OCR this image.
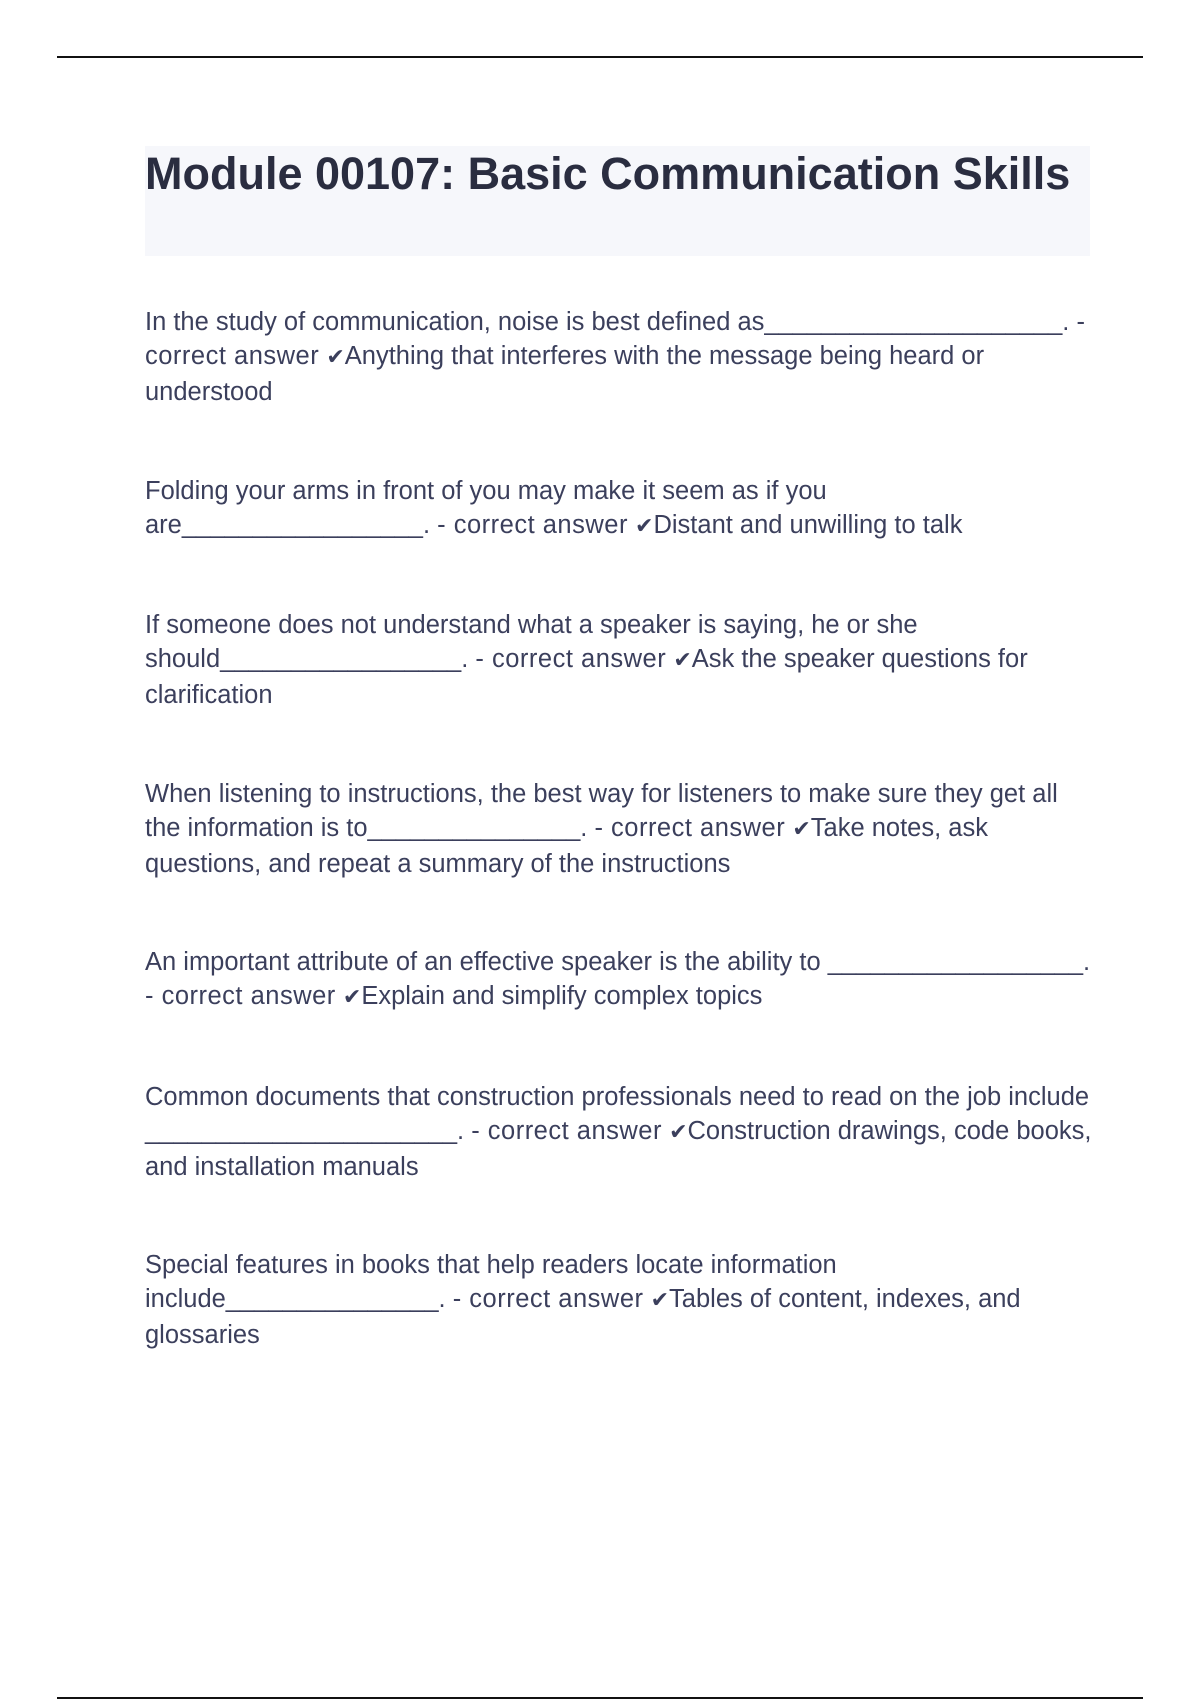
Module 00107: Basic Communication Skills

In the study of communication, noise is best defined as_____________________. - correct answer ✔Anything that interferes with the message being heard or understood

Folding your arms in front of you may make it seem as if you are_________________. - correct answer ✔Distant and unwilling to talk

If someone does not understand what a speaker is saying, he or she should_________________. - correct answer ✔Ask the speaker questions for clarification

When listening to instructions, the best way for listeners to make sure they get all the information is to_______________. - correct answer ✔Take notes, ask questions, and repeat a summary of the instructions

An important attribute of an effective speaker is the ability to __________________. - correct answer ✔Explain and simplify complex topics

Common documents that construction professionals need to read on the job include ______________________. - correct answer ✔Construction drawings, code books, and installation manuals

Special features in books that help readers locate information include_______________. - correct answer ✔Tables of content, indexes, and glossaries
